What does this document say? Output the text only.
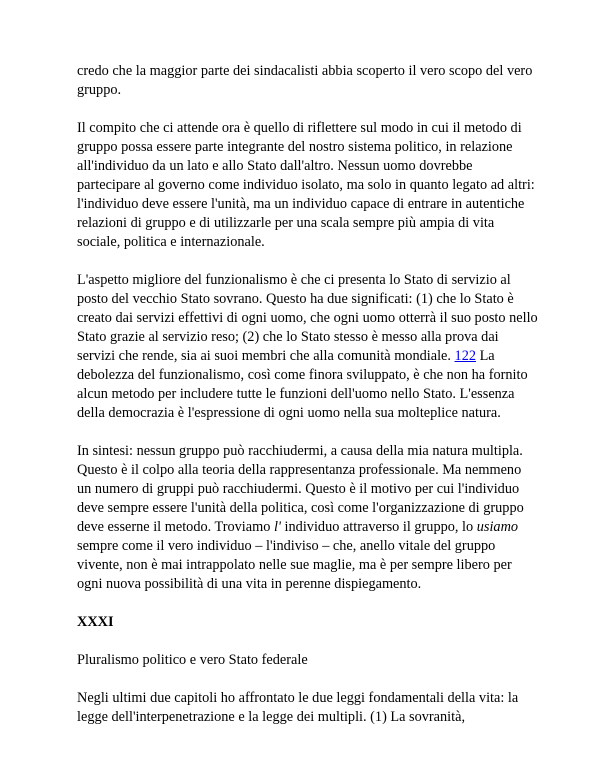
credo che la maggior parte dei sindacalisti abbia scoperto il vero scopo del vero gruppo.

Il compito che ci attende ora è quello di riflettere sul modo in cui il metodo di gruppo possa essere parte integrante del nostro sistema politico, in relazione all'individuo da un lato e allo Stato dall'altro. Nessun uomo dovrebbe partecipare al governo come individuo isolato, ma solo in quanto legato ad altri: l'individuo deve essere l'unità, ma un individuo capace di entrare in autentiche relazioni di gruppo e di utilizzarle per una scala sempre più ampia di vita sociale, politica e internazionale.

L'aspetto migliore del funzionalismo è che ci presenta lo Stato di servizio al posto del vecchio Stato sovrano. Questo ha due significati: (1) che lo Stato è creato dai servizi effettivi di ogni uomo, che ogni uomo otterrà il suo posto nello Stato grazie al servizio reso; (2) che lo Stato stesso è messo alla prova dai servizi che rende, sia ai suoi membri che alla comunità mondiale. 122 La debolezza del funzionalismo, così come finora sviluppato, è che non ha fornito alcun metodo per includere tutte le funzioni dell'uomo nello Stato. L'essenza della democrazia è l'espressione di ogni uomo nella sua molteplice natura.

In sintesi: nessun gruppo può racchiudermi, a causa della mia natura multipla. Questo è il colpo alla teoria della rappresentanza professionale. Ma nemmeno un numero di gruppi può racchiudermi. Questo è il motivo per cui l'individuo deve sempre essere l'unità della politica, così come l'organizzazione di gruppo deve esserne il metodo. Troviamo l' individuo attraverso il gruppo, lo usiamo sempre come il vero individuo – l'indiviso – che, anello vitale del gruppo vivente, non è mai intrappolato nelle sue maglie, ma è per sempre libero per ogni nuova possibilità di una vita in perenne dispiegamento.

XXXI

Pluralismo politico e vero Stato federale

Negli ultimi due capitoli ho affrontato le due leggi fondamentali della vita: la legge dell'interpenetrazione e la legge dei multipli. (1) La sovranità,
